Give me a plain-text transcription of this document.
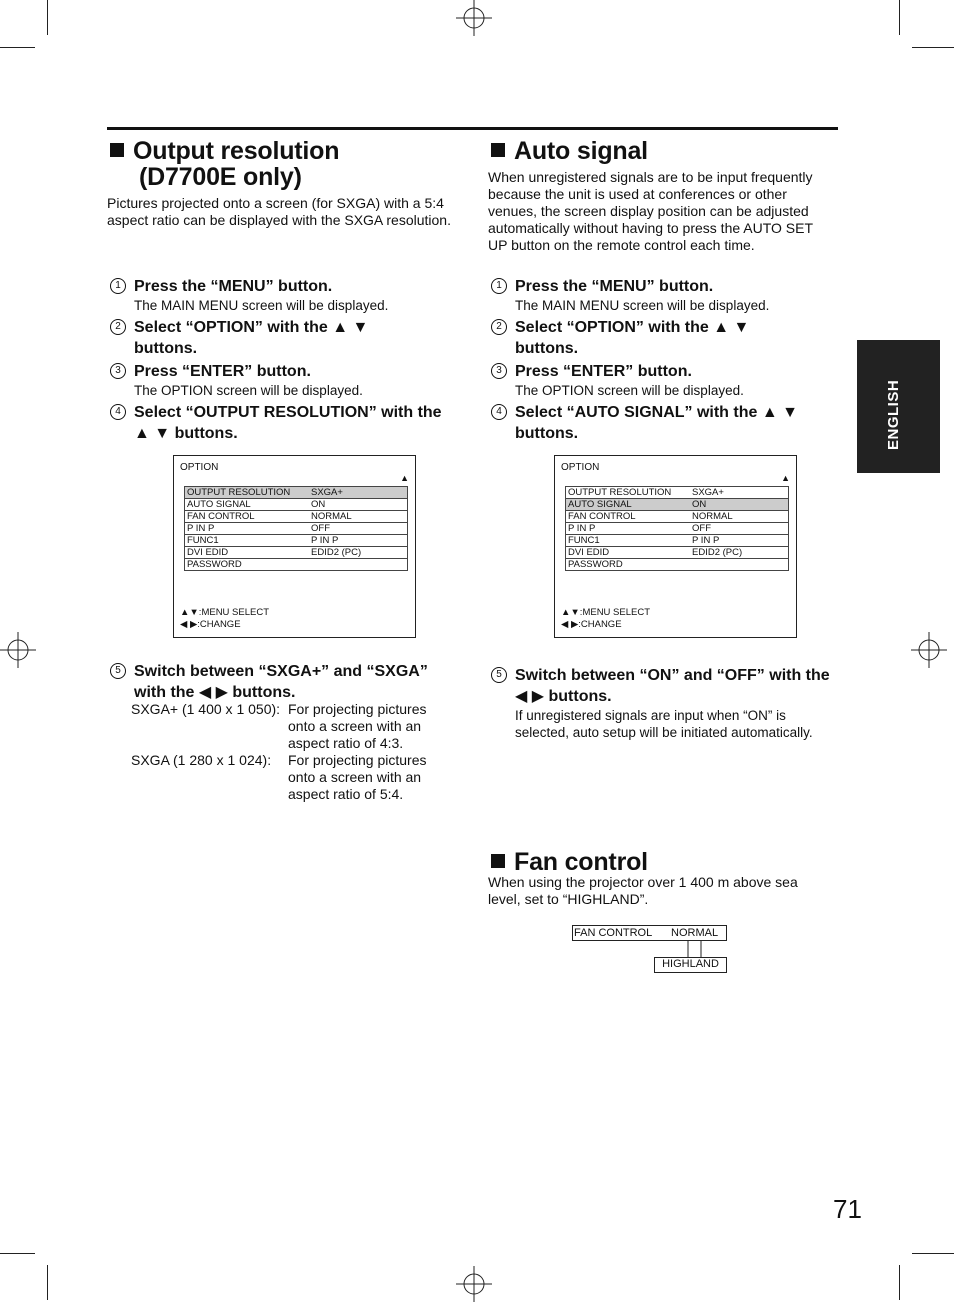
Output resolution
(D7700E only)
Pictures projected onto a screen (for SXGA) with a 5:4 aspect ratio can be displayed with the SXGA resolution.
1 Press the “MENU” button.
The MAIN MENU screen will be displayed.
2 Select “OPTION” with the ▲ ▼ buttons.
3 Press “ENTER” button.
The OPTION screen will be displayed.
4 Select “OUTPUT RESOLUTION” with the ▲ ▼ buttons.
OPTION
▲
OUTPUT RESOLUTION	SXGA+
AUTO SIGNAL	ON
FAN CONTROL	NORMAL
P IN P	OFF
FUNC1	P IN P
DVI EDID	EDID2 (PC)
PASSWORD	
▲▼:MENU SELECT
◀ ▶:CHANGE
5 Switch between “SXGA+” and “SXGA” with the ◀ ▶ buttons.
SXGA+ (1 400 x 1 050): For projecting pictures onto a screen with an aspect ratio of 4:3.
SXGA (1 280 x 1 024): For projecting pictures onto a screen with an aspect ratio of 5:4.
Auto signal
When unregistered signals are to be input frequently because the unit is used at conferences or other venues, the screen display position can be adjusted automatically without having to press the AUTO SET UP button on the remote control each time.
1 Press the “MENU” button.
The MAIN MENU screen will be displayed.
2 Select “OPTION” with the ▲ ▼ buttons.
3 Press “ENTER” button.
The OPTION screen will be displayed.
4 Select “AUTO SIGNAL” with the ▲ ▼ buttons.
OPTION
▲
OUTPUT RESOLUTION	SXGA+
AUTO SIGNAL	ON
FAN CONTROL	NORMAL
P IN P	OFF
FUNC1	P IN P
DVI EDID	EDID2 (PC)
PASSWORD	
▲▼:MENU SELECT
◀ ▶:CHANGE
5 Switch between “ON” and “OFF” with the ◀ ▶ buttons.
If unregistered signals are input when “ON” is selected, auto setup will be initiated automatically.
Fan control
When using the projector over 1 400 m above sea level, set to “HIGHLAND”.
FAN CONTROL NORMAL
HIGHLAND
ENGLISH
71
